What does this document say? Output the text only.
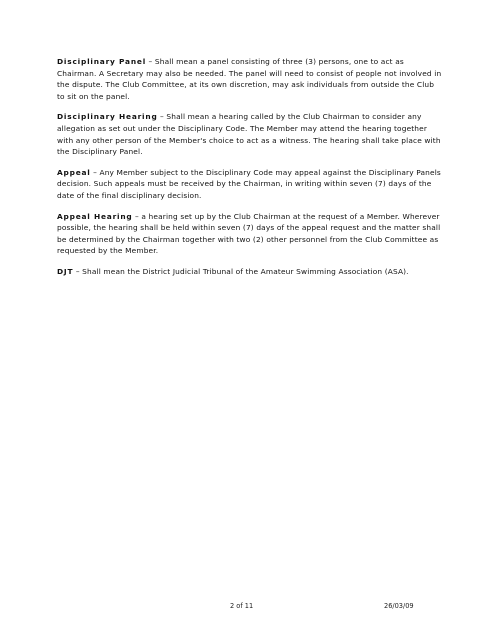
Disciplinary Panel – Shall mean a panel consisting of three (3) persons, one to act as Chairman. A Secretary may also be needed. The panel will need to consist of people not involved in the dispute. The Club Committee, at its own discretion, may ask individuals from outside the Club to sit on the panel.

Disciplinary Hearing – Shall mean a hearing called by the Club Chairman to consider any allegation as set out under the Disciplinary Code. The Member may attend the hearing together with any other person of the Member's choice to act as a witness. The hearing shall take place with the Disciplinary Panel.

Appeal – Any Member subject to the Disciplinary Code may appeal against the Disciplinary Panels decision. Such appeals must be received by the Chairman, in writing within seven (7) days of the date of the final disciplinary decision.

Appeal Hearing – a hearing set up by the Club Chairman at the request of a Member. Wherever possible, the hearing shall be held within seven (7) days of the appeal request and the matter shall be determined by the Chairman together with two (2) other personnel from the Club Committee as requested by the Member.

DJT – Shall mean the District Judicial Tribunal of the Amateur Swimming Association (ASA).

2 of 11	26/03/09
